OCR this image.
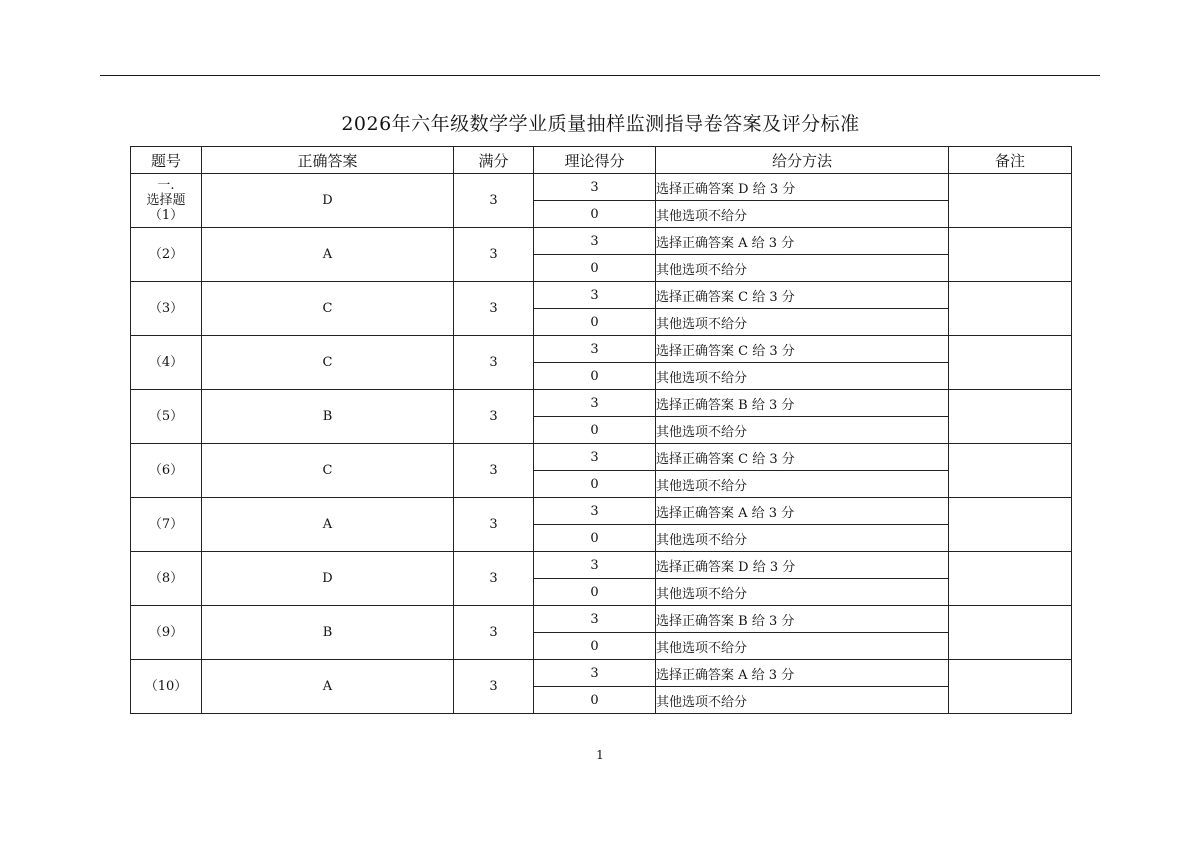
2026年六年级数学学业质量抽样监测指导卷答案及评分标准
题号	正确答案	满分	理论得分	给分方法	备注

一.
选择题
（1）	D	3	3	选择正确答案 D 给 3 分	
			0	其他选项不给分	

（2）	A	3	3	选择正确答案 A 给 3 分	
			0	其他选项不给分	

（3）	C	3	3	选择正确答案 C 给 3 分	
			0	其他选项不给分	

（4）	C	3	3	选择正确答案 C 给 3 分	
			0	其他选项不给分	

（5）	B	3	3	选择正确答案 B 给 3 分	
			0	其他选项不给分	

（6）	C	3	3	选择正确答案 C 给 3 分	
			0	其他选项不给分	

（7）	A	3	3	选择正确答案 A 给 3 分	
			0	其他选项不给分	

（8）	D	3	3	选择正确答案 D 给 3 分	
			0	其他选项不给分	

（9）	B	3	3	选择正确答案 B 给 3 分	
			0	其他选项不给分	

（10）	A	3	3	选择正确答案 A 给 3 分	
			0	其他选项不给分	
1
